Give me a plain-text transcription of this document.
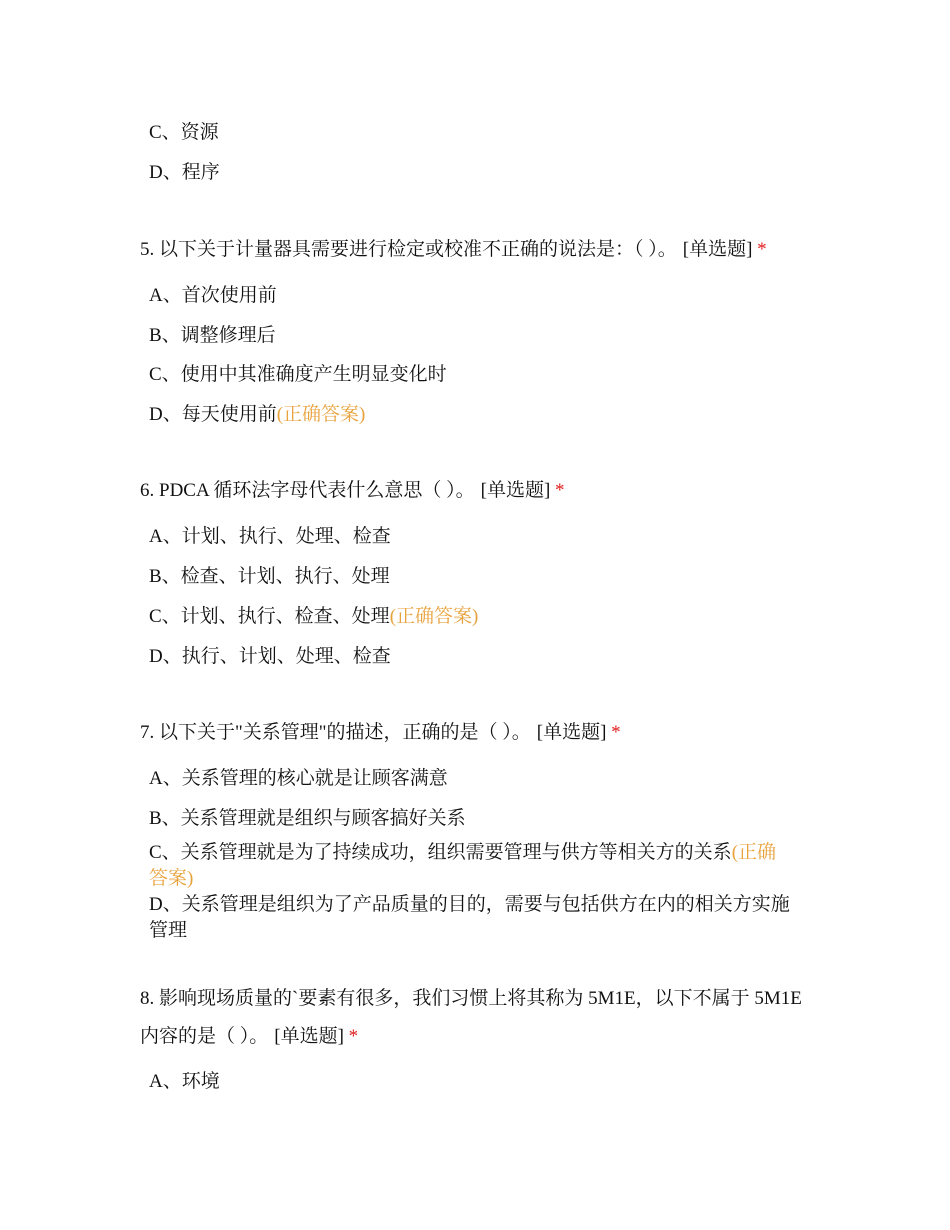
C、资源
D、程序
5. 以下关于计量器具需要进行检定或校准不正确的说法是：（ ）。 [单选题] *
A、首次使用前
B、调整修理后
C、使用中其准确度产生明显变化时
D、每天使用前(正确答案)
6. PDCA 循环法字母代表什么意思（ ）。 [单选题] *
A、计划、执行、处理、检查
B、检查、计划、执行、处理
C、计划、执行、检查、处理(正确答案)
D、执行、计划、处理、检查
7. 以下关于"关系管理"的描述，正确的是（ ）。 [单选题] *
A、关系管理的核心就是让顾客满意
B、关系管理就是组织与顾客搞好关系
C、关系管理就是为了持续成功，组织需要管理与供方等相关方的关系(正确答案)
D、关系管理是组织为了产品质量的目的，需要与包括供方在内的相关方实施管理
8. 影响现场质量的`要素有很多，我们习惯上将其称为 5M1E，以下不属于 5M1E 内容的是（ ）。 [单选题] *
A、环境
